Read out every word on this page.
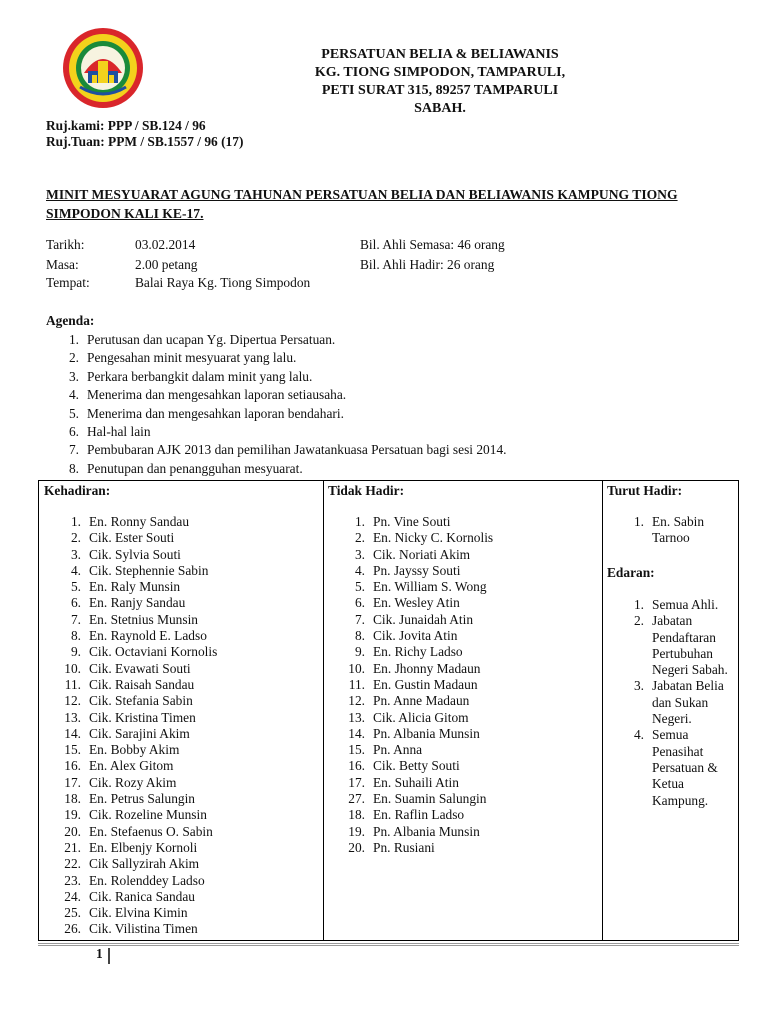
PERSATUAN BELIA & BELIAWANIS
KG. TIONG SIMPODON, TAMPARULI,
PETI SURAT 315, 89257 TAMPARULI
SABAH.
Ruj.kami: PPP / SB.124 / 96
Ruj.Tuan: PPM / SB.1557 / 96 (17)
MINIT MESYUARAT AGUNG TAHUNAN PERSATUAN BELIA DAN BELIAWANIS KAMPUNG TIONG SIMPODON KALI KE-17.
Tarikh:	03.02.2014	Bil. Ahli Semasa: 46 orang
Masa:	2.00 petang	Bil. Ahli Hadir: 26 orang
Tempat:	Balai Raya Kg. Tiong Simpodon
Agenda:
1. Perutusan dan ucapan Yg. Dipertua Persatuan.
2. Pengesahan minit mesyuarat yang lalu.
3. Perkara berbangkit dalam minit yang lalu.
4. Menerima dan mengesahkan laporan setiausaha.
5. Menerima dan mengesahkan laporan bendahari.
6. Hal-hal lain
7. Pembubaran AJK 2013 dan pemilihan Jawatankuasa Persatuan bagi sesi 2014.
8. Penutupan dan penangguhan mesyuarat.
Kehadiran:
1. En. Ronny Sandau
2. Cik. Ester Souti
3. Cik. Sylvia Souti
4. Cik. Stephennie Sabin
5. En. Raly Munsin
6. En. Ranjy Sandau
7. En. Stetnius Munsin
8. En. Raynold E. Ladso
9. Cik. Octaviani Kornolis
10. Cik. Evawati Souti
11. Cik. Raisah Sandau
12. Cik. Stefania Sabin
13. Cik. Kristina Timen
14. Cik. Sarajini Akim
15. En. Bobby Akim
16. En. Alex Gitom
17. Cik. Rozy Akim
18. En. Petrus Salungin
19. Cik. Rozeline Munsin
20. En. Stefaenus O. Sabin
21. En. Elbenjy Kornoli
22. Cik Sallyzirah Akim
23. En. Rolenddey Ladso
24. Cik. Ranica Sandau
25. Cik. Elvina Kimin
26. Cik. Vilistina Timen
Tidak Hadir:
1. Pn. Vine Souti
2. En. Nicky C. Kornolis
3. Cik. Noriati Akim
4. Pn. Jayssy Souti
5. En. William S. Wong
6. En. Wesley Atin
7. Cik. Junaidah Atin
8. Cik. Jovita Atin
9. En. Richy Ladso
10. En. Jhonny Madaun
11. En. Gustin Madaun
12. Pn. Anne Madaun
13. Cik. Alicia Gitom
14. Pn. Albania Munsin
15. Pn. Anna
16. Cik. Betty Souti
17. En. Suhaili Atin
27. En. Suamin Salungin
18. En. Raflin Ladso
19. Pn. Albania Munsin
20. Pn. Rusiani
Turut Hadir:
1. En. Sabin Tarnoo
Edaran:
1. Semua Ahli.
2. Jabatan Pendaftaran Pertubuhan Negeri Sabah.
3. Jabatan Belia dan Sukan Negeri.
4. Semua Penasihat Persatuan & Ketua Kampung.
1
